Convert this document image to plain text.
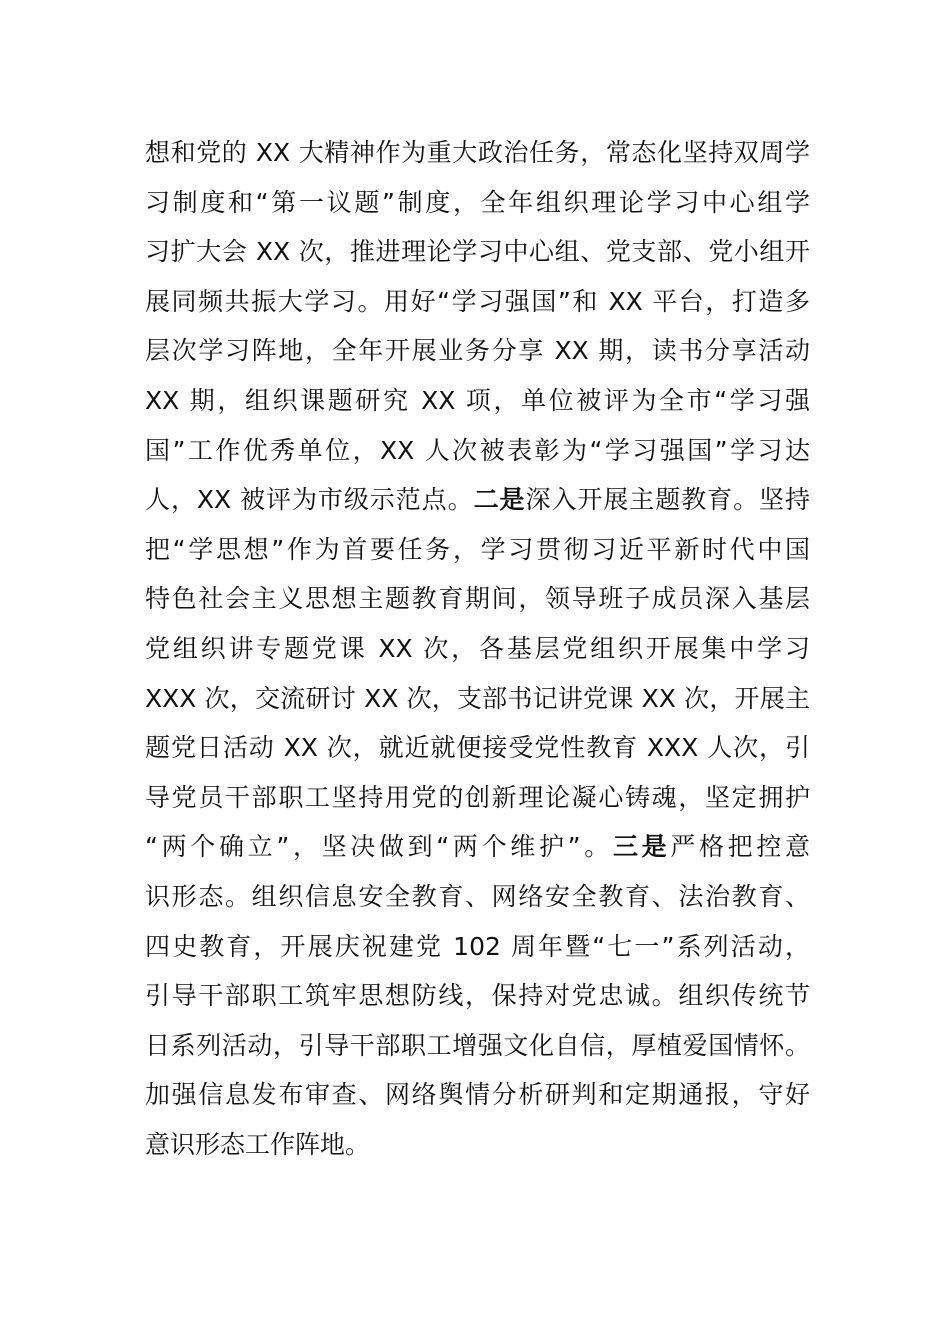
想和党的 XX 大精神作为重大政治任务，常态化坚持双周学
习制度和“第一议题”制度，全年组织理论学习中心组学
习扩大会 XX 次，推进理论学习中心组、党支部、党小组开
展同频共振大学习。用好“学习强国”和 XX 平台，打造多
层次学习阵地，全年开展业务分享 XX 期，读书分享活动
XX 期，组织课题研究 XX 项，单位被评为全市“学习强
国”工作优秀单位，XX 人次被表彰为“学习强国”学习达
人，XX 被评为市级示范点。二是深入开展主题教育。坚持
把“学思想”作为首要任务，学习贯彻习近平新时代中国
特色社会主义思想主题教育期间，领导班子成员深入基层
党组织讲专题党课 XX 次，各基层党组织开展集中学习
XXX 次，交流研讨 XX 次，支部书记讲党课 XX 次，开展主
题党日活动 XX 次，就近就便接受党性教育 XXX 人次，引
导党员干部职工坚持用党的创新理论凝心铸魂，坚定拥护
“两个确立”，坚决做到“两个维护”。三是严格把控意
识形态。组织信息安全教育、网络安全教育、法治教育、
四史教育，开展庆祝建党 102 周年暨“七一”系列活动，
引导干部职工筑牢思想防线，保持对党忠诚。组织传统节
日系列活动，引导干部职工增强文化自信，厚植爱国情怀。
加强信息发布审查、网络舆情分析研判和定期通报，守好
意识形态工作阵地。
